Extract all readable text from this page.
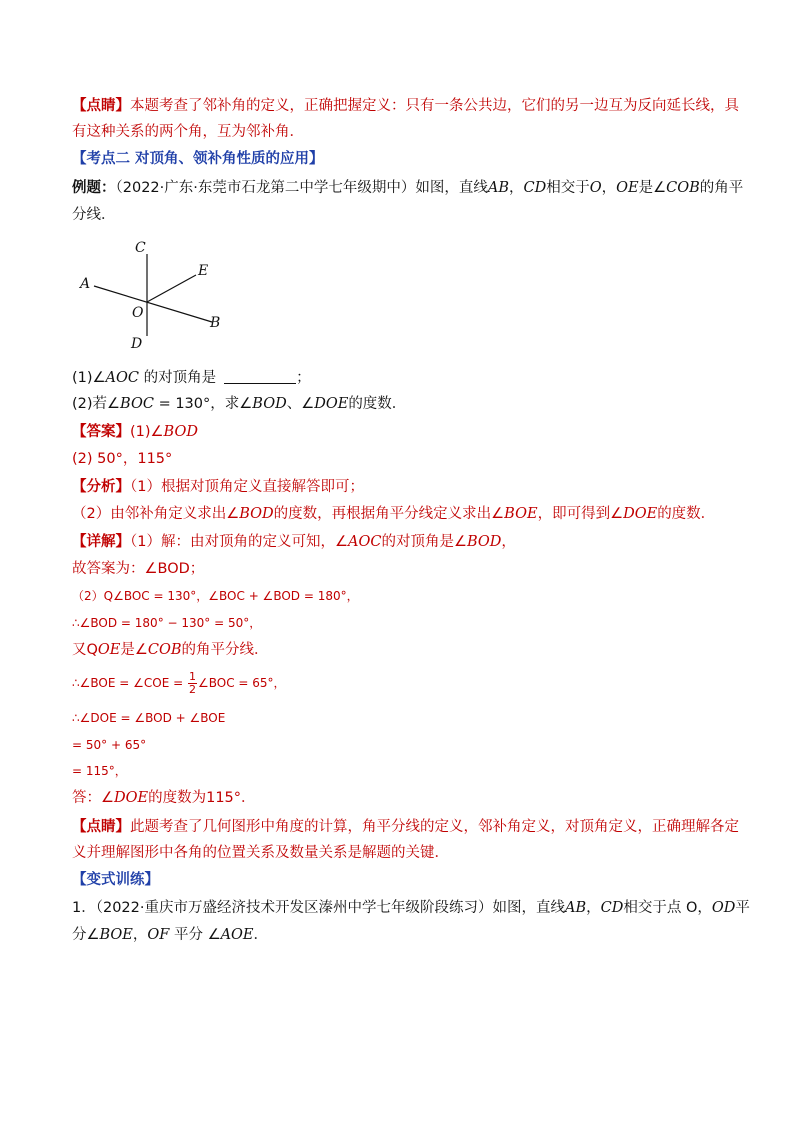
【点睛】本题考查了邻补角的定义，正确把握定义：只有一条公共边，它们的另一边互为反向延长线，具
有这种关系的两个角，互为邻补角．
【考点二 对顶角、领补角性质的应用】
例题：（2022·广东·东莞市石龙第二中学七年级期中）如图，直线AB，CD相交于O，OE是∠COB的角平
分线．
C
E
A
O
B
D
(1)∠AOC 的对顶角是	；
(2)若∠BOC = 130°，求∠BOD、∠DOE的度数．
【答案】(1)∠BOD
(2) 50°，115°
【分析】（1）根据对顶角定义直接解答即可；
（2）由邻补角定义求出∠BOD的度数，再根据角平分线定义求出∠BOE，即可得到∠DOE的度数．
【详解】（1）解：由对顶角的定义可知，∠AOC的对顶角是∠BOD，
故答案为：∠BOD；
（2）Q∠BOC = 130°，∠BOC + ∠BOD = 180°，
∴∠BOD = 180° − 130° = 50°，
又QOE是∠COB的角平分线．
∴∠BOE = ∠COE = $\frac{1}{2}$ ∠BOC = 65°，
∴∠DOE = ∠BOD + ∠BOE
= 50° + 65°
= 115°，
答：∠DOE的度数为115°．
【点睛】此题考查了几何图形中角度的计算，角平分线的定义，邻补角定义，对顶角定义，正确理解各定
义并理解图形中各角的位置关系及数量关系是解题的关键．
【变式训练】
1．（2022·重庆市万盛经济技术开发区溱州中学七年级阶段练习）如图，直线AB，CD相交于点 O，OD平
分∠BOE，OF 平分 ∠AOE．
